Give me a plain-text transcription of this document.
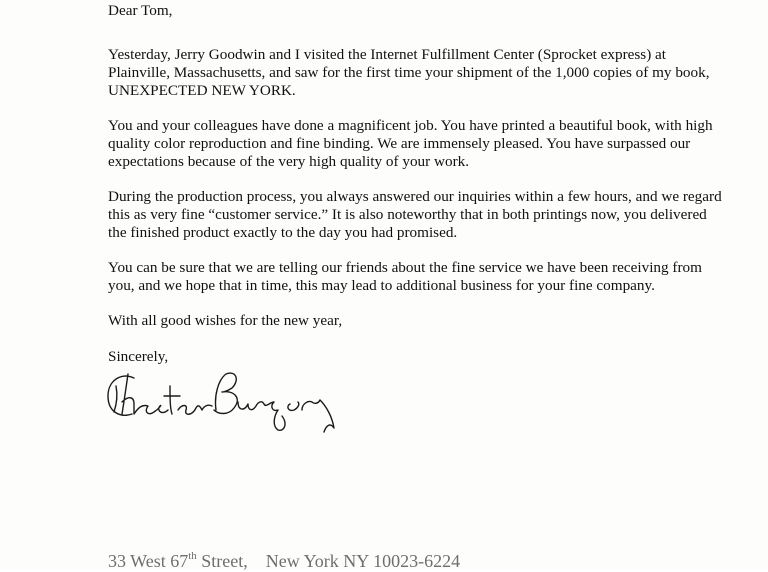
Dear Tom,

Yesterday, Jerry Goodwin and I visited the Internet Fulfillment Center (Sprocket express) at
Plainville, Massachusetts, and saw for the first time your shipment of the 1,000 copies of my book,
UNEXPECTED NEW YORK.

You and your colleagues have done a magnificent job. You have printed a beautiful book, with high
quality color reproduction and fine binding. We are immensely pleased. You have surpassed our
expectations because of the very high quality of your work.

During the production process, you always answered our inquiries within a few hours, and we regard
this as very fine “customer service.” It is also noteworthy that in both printings now, you delivered
the finished product exactly to the day you had promised.

You can be sure that we are telling our friends about the fine service we have been receiving from
you, and we hope that in time, this may lead to additional business for your fine company.

With all good wishes for the new year,

Sincerely,

33 West 67th Street, New York NY 10023-6224
